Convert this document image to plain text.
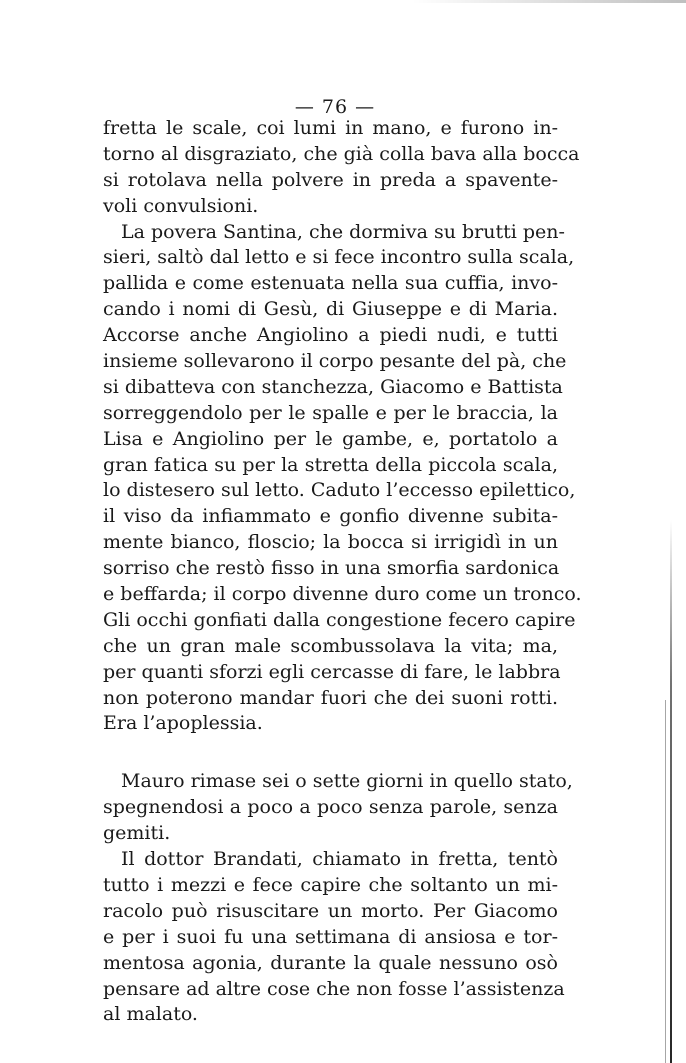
— 76 —
fretta le scale, coi lumi in mano, e furono in-
torno al disgraziato, che già colla bava alla bocca
si rotolava nella polvere in preda a spavente-
voli convulsioni.
La povera Santina, che dormiva su brutti pen-
sieri, saltò dal letto e si fece incontro sulla scala,
pallida e come estenuata nella sua cuffia, invo-
cando i nomi di Gesù, di Giuseppe e di Maria.
Accorse anche Angiolino a piedi nudi, e tutti
insieme sollevarono il corpo pesante del pà, che
si dibatteva con stanchezza, Giacomo e Battista
sorreggendolo per le spalle e per le braccia, la
Lisa e Angiolino per le gambe, e, portatolo a
gran fatica su per la stretta della piccola scala,
lo distesero sul letto. Caduto l’eccesso epilettico,
il viso da infiammato e gonfio divenne subita-
mente bianco, floscio; la bocca si irrigidì in un
sorriso che restò fisso in una smorfia sardonica
e beffarda; il corpo divenne duro come un tronco.
Gli occhi gonfiati dalla congestione fecero capire
che un gran male scombussolava la vita; ma,
per quanti sforzi egli cercasse di fare, le labbra
non poterono mandar fuori che dei suoni rotti.
Era l’apoplessia.
Mauro rimase sei o sette giorni in quello stato,
spegnendosi a poco a poco senza parole, senza
gemiti.
Il dottor Brandati, chiamato in fretta, tentò
tutto i mezzi e fece capire che soltanto un mi-
racolo può risuscitare un morto. Per Giacomo
e per i suoi fu una settimana di ansiosa e tor-
mentosa agonia, durante la quale nessuno osò
pensare ad altre cose che non fosse l’assistenza
al malato.
